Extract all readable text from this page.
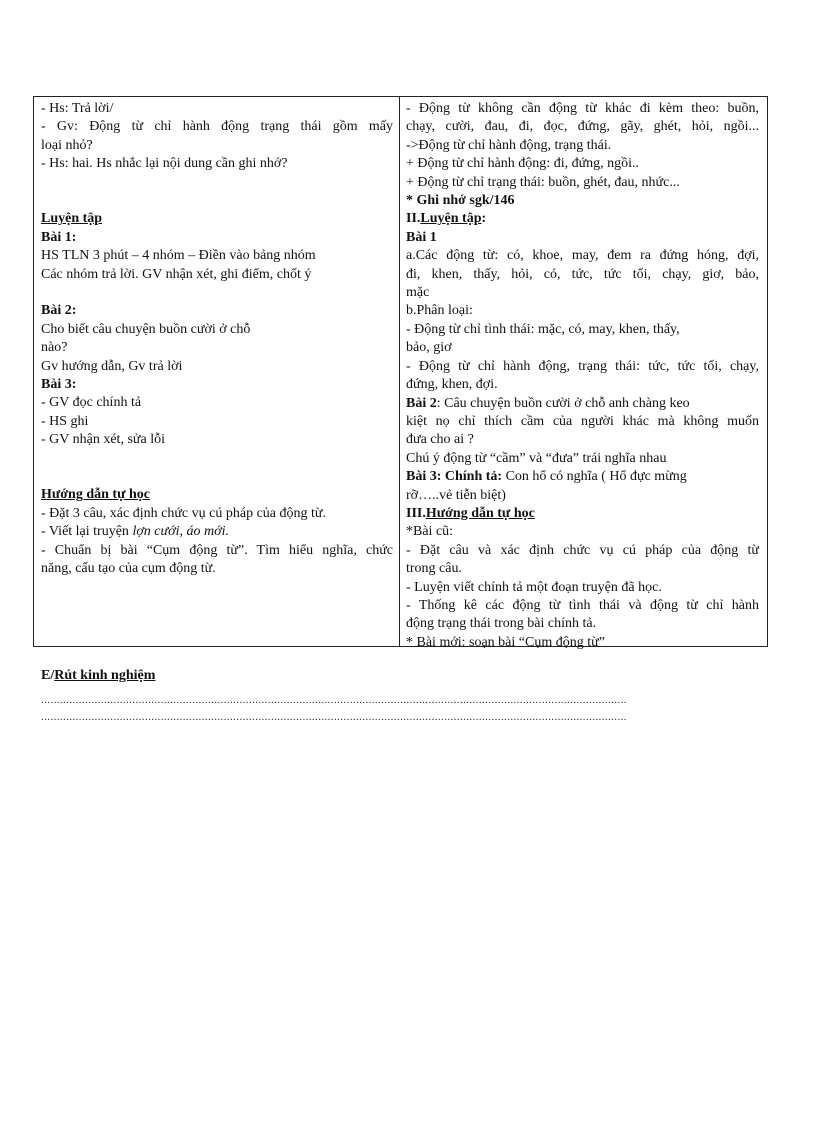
- Hs: Trả lời/
- Gv: Động từ chỉ hành động trạng thái gồm mấy
loại nhỏ?
- Hs: hai. Hs nhắc lại nội dung cần ghi nhớ?
Luyện tập
Bài 1:
HS TLN 3 phút – 4 nhóm – Điền vào bảng nhóm
Các nhóm trả lời. GV nhận xét, ghi điểm, chốt ý
Bài 2:
Cho biết câu chuyện buồn cười ở chỗ
nào?
Gv hướng dẫn, Gv trả lời
Bài 3:
- GV đọc chính tả
- HS ghi
- GV nhận xét, sửa lỗi
Hướng dẫn tự học
- Đặt 3 câu, xác định chức vụ cú pháp của động từ.
- Viết lại truyện lợn cưới, áo mới.
- Chuẩn bị bài “Cụm động từ”. Tìm hiểu nghĩa, chức
năng, cấu tạo của cụm động từ.
- Động từ không cần động từ khác đi kèm theo: buồn,
chạy, cười, đau, đi, đọc, đứng, gãy, ghét, hỏi, ngồi...
->Động từ chỉ hành động, trạng thái.
+ Động từ chỉ hành động: đi, đứng, ngồi..
+ Động từ chỉ trạng thái: buồn, ghét, đau, nhức...
* Ghi nhớ sgk/146
II.Luyện tập:
Bài 1
a.Các động từ: có, khoe, may, đem ra đứng hóng, đợi,
đi, khen, thấy, hỏi, có, tức, tức tối, chạy, giơ, bảo,
mặc
b.Phân loại:
- Động từ chỉ tình thái: mặc, có, may, khen, thấy,
bảo, giơ
- Động từ chỉ hành động, trạng thái: tức, tức tối, chạy,
đứng, khen, đợi.
Bài 2: Câu chuyện buồn cười ở chỗ anh chàng keo
kiệt nọ chỉ thích cầm của người khác mà không muốn
đưa cho ai ?
Chú ý động từ “cầm” và “đưa” trái nghĩa nhau
Bài 3: Chính tả: Con hổ có nghĩa ( Hổ đực mừng
rỡ…..vẻ tiễn biệt)
III.Hướng dẫn tự học
*Bài cũ:
- Đặt câu và xác định chức vụ cú pháp của động từ
trong câu.
- Luyện viết chính tả một đoạn truyện đã học.
- Thống kê các động từ tình thái và động từ chỉ hành
động trạng thái trong bài chính tả.
* Bài mới: soạn bài “Cụm động từ”
E/Rút kinh nghiệm
..........................................................................................................................................................................................
..........................................................................................................................................................................................
